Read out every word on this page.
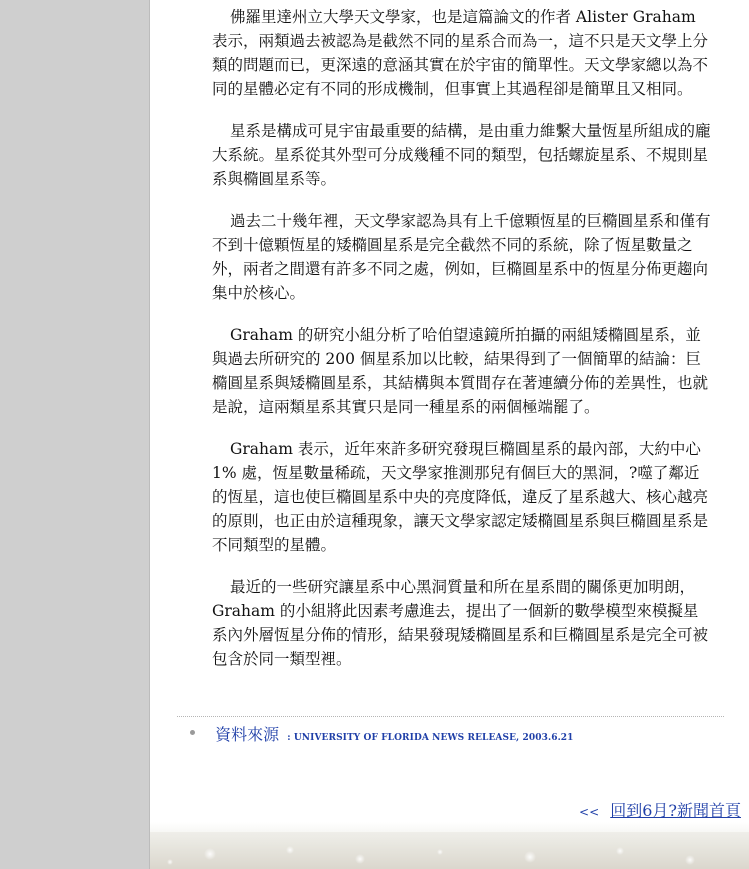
佛羅里達州立大學天文學家，也是這篇論文的作者 Alister Graham 表示，兩類過去被認為是截然不同的星系合而為一，這不只是天文學上分類的問題而已，更深遠的意涵其實在於宇宙的簡單性。天文學家總以為不同的星體必定有不同的形成機制，但事實上其過程卻是簡單且又相同。

星系是構成可見宇宙最重要的結構，是由重力維繫大量恆星所組成的龐大系統。星系從其外型可分成幾種不同的類型，包括螺旋星系、不規則星系與橢圓星系等。

過去二十幾年裡，天文學家認為具有上千億顆恆星的巨橢圓星系和僅有不到十億顆恆星的矮橢圓星系是完全截然不同的系統，除了恆星數量之外，兩者之間還有許多不同之處，例如，巨橢圓星系中的恆星分佈更趨向集中於核心。

Graham 的研究小組分析了哈伯望遠鏡所拍攝的兩組矮橢圓星系，並與過去所研究的 200 個星系加以比較，結果得到了一個簡單的結論：巨橢圓星系與矮橢圓星系，其結構與本質間存在著連續分佈的差異性，也就是說，這兩類星系其實只是同一種星系的兩個極端罷了。

Graham 表示，近年來許多研究發現巨橢圓星系的最內部，大約中心 1% 處，恆星數量稀疏，天文學家推測那兒有個巨大的黑洞，?噬了鄰近的恆星，這也使巨橢圓星系中央的亮度降低，違反了星系越大、核心越亮的原則，也正由於這種現象，讓天文學家認定矮橢圓星系與巨橢圓星系是不同類型的星體。

最近的一些研究讓星系中心黑洞質量和所在星系間的關係更加明朗，Graham 的小組將此因素考慮進去，提出了一個新的數學模型來模擬星系內外層恆星分佈的情形，結果發現矮橢圓星系和巨橢圓星系是完全可被包含於同一類型裡。

資料來源 : UNIVERSITY OF FLORIDA NEWS RELEASE, 2003.6.21
<< 回到6月?新聞首頁
